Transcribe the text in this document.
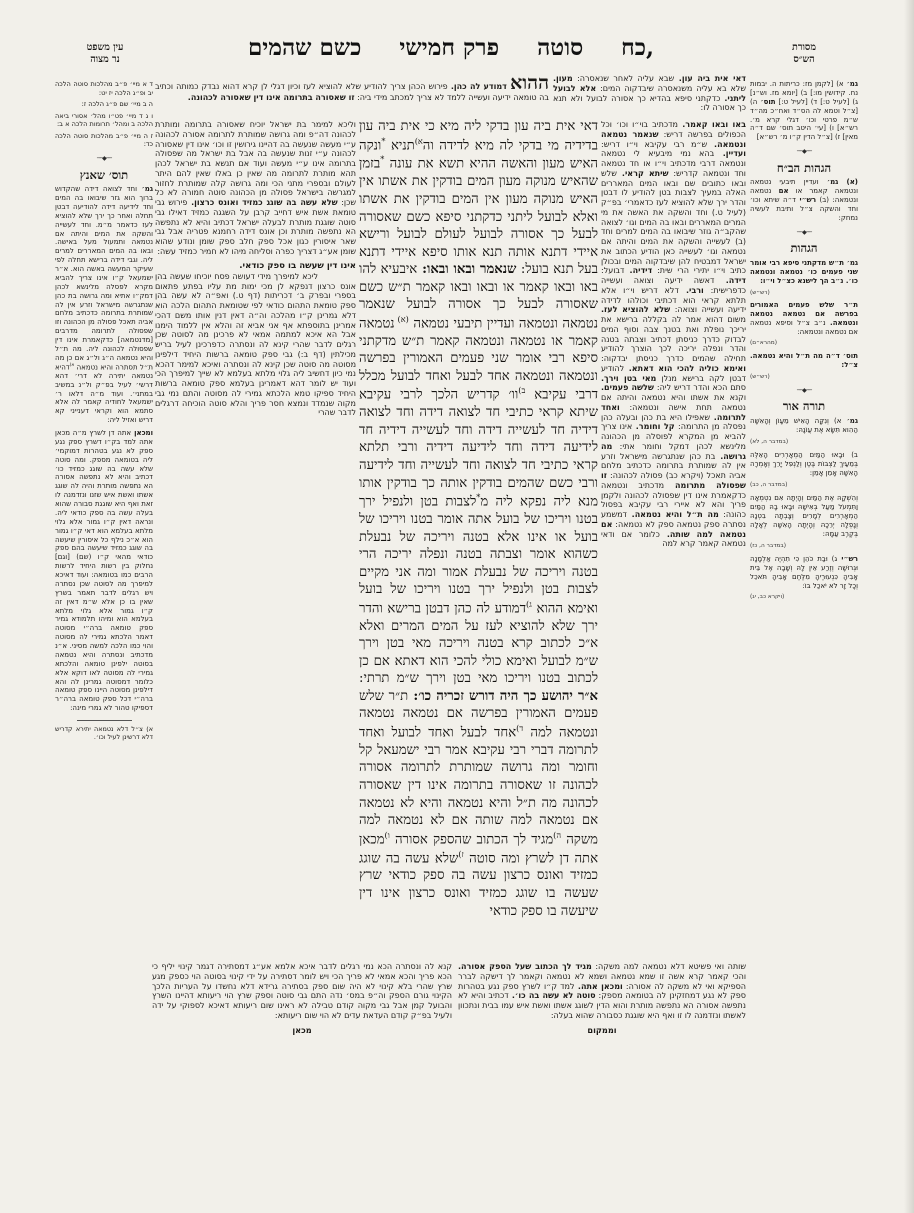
עין משפט
נר מצוה	כשם שהמים פרק חמישי סוטה כח,	מסורת
הש״ס
ד א מיי׳ פ״ב מהלכות סוטה הלכה יב ופ״ג הלכה יז יט:
ה ב מיי׳ שם פ״ג הלכה ז:
ו ג ד מיי׳ פט״ו מהל׳ אסורי ביאה הלכה ב ומהל׳ תרומות הלכה א ב:
ז ה מיי׳ פ״ב מהלכות סוטה הלכה כד:
──◆──
תוס׳ שאנץ

גמ׳ וחד לצואה דידה שהקדוש ברוך הוא גזר שיבואו בה המים וחד לידיעה דידה להודיעה דבטן תחלה ואחר כך ירך שלא להוציא לעז כדאמר מ״מ. וחד לעשייה והשקה את המים והיתה אם נטמאה ותמעול מעל באישה. ובאו בה המים המאררים למרים ליה. וגבי דידה ברישא תחלה לפי שעיקר המעשה באשה הוא. א״ר ישמעאל ק״ו אינו צריך להביא מקרא לפסלה מלינשא לכהן דמק״ו אתיא ומה גרושה בת כהן שנתגרשה מישראל וזרע אין לה שמותרת בתרומה כדכתיב מלחם אביה תאכל פסולה מן הכהונה וזו שפסולה לתרומה מדרבים [מדנטמאה] כדקאמרת אינו דין שפסולה לכהונה ליה. מה ת״ל והיא נטמאה ה״ג ול״ג אם כן מה ת״ל תסתרה והיא נטמאה $^{א)}$דהיא נטמאה יתירה לא דרי׳ דהא דרשי׳ לעיל בפ״ק ול״נ במשיב במתני׳. ועוד מ״ה דלאו ר׳ ישמעאל לחודיה קאמר לה אלא סתמא הוא וקראי דענייני קא דריש ואזיל ליה:

ומכאן אתה דן לשרץ מ״ה מכאן אתה למד בק״ו דשרץ ספק נגע ספק לא נגע בטהרות דמוקמי׳ ליה בטומאה מספק. ומה סוטה שלא עשה בה שוגג כמזיד כו׳ דכתיב והיא לא נתפשה אסורה הא נתפשה מותרת והיה לה שוגג אשתו ואשת איש שזנו ונזדמנה לו זאת ואף היא שוגגת סבורה שהוא בעלה עשה בה ספק כודאי ליה. ונראה דאין ק״ו גמור אלא גלוי מלתא בעלמא הוא דאי ק״ו גמור הוא א״כ נילף כל איסורין שיעשה בה שוגג כמזיד שיעשה בהם ספק כודאי מהאי ק״ו (שם) [וגם] נחלוק בין רשות היחיד לרשות הרבים כמו בטומאה: ועוד דאיכא למיפרך מה לסוטה שכן נסתרה ויש רגלים לדבר תאמר בשרץ שאין בו כן אלא ש״מ דאין זה ק״ו גמור אלא גלוי מלתא בעלמא הוא ומיהו תלמודא גמיר ספק טומאה ברה״י מסוטה דאמר הלכתא גמירי לה מסוטה והוי כמו הלכה למשה מסיני. א״נ מדכתיב ונסתרה והיא נטמאה בסוטה ילפינן טומאה והלכתא גמירי לה מסוטה לאו דוקא אלא כלומר דמסוטה גמרינן לה והא דילפינן מסוטה היינו ספק טומאה ברה״י דכל ספק טומאה ברה״ר דספיקו טהור לא גמרי מינה:

א) צ״ל דלא נטמאה יתירא קדריש דלא דרשינן לעיל וכו׳.

גמ׳ א) [לקמן מז: כריתות ה. יבמות נח. קידושין מו:] ב) [יומא מז. וש״נ] ג) [לעיל ט:] ד) [לעיל ט:] תוס׳ ה) [צ״ל וטמא לה הס״ד ואח״כ מה״ד ש״מ פרטי וכו׳ דגלי קרא מ׳. רש״א] ו) [עי׳ היטב תוס׳ שם ד״ה מאין] ז) [צ״ל הדין ק״ו מ׳ רש״א]

──◆──
הגהות הב״ח

(א) גמ׳ ועדיין תיבעי נטמאה ונטמאה קאמר או אם נטמאה ונטמאה: (ב) רש״י ד״ה שיתא וכו׳ וחד והשקה צ״ל ותיבת לעשיה נמחק:

──◆──
הגהות

גמ׳ ת״ש מדקתני סיפא רבי אומר שני פעמים כו׳ נטמאה ונטמאה כו׳. נ״ב הך לישנא כצ״ל וי״ו:

(רש״ש)

ת״ר שלש פעמים האמורים בפרשה אם נטמאה נטמאה ונטמאה. נ״ב צ״ל וסיפא נטמאה אם נטמאה ונטמאה:

(מהרא״ם)

תוס׳ ד״ה מה ת״ל והיא נטמאה. צ״ל:

(רש״ש)
──◆──
תורה אור

גמ׳ א) וְנִקָּה הָאִישׁ מֵעָוֹן וְהָאִשָּׁה הַהִוא תִּשָּׂא אֶת עֲוֹנָהּ:

(במדבר ה, לא)

ב) וּבָאוּ הַמַּיִם הַמְאָרְרִים הָאֵלֶּה בְּמֵעַיִךְ לַצְבּוֹת בֶּטֶן וְלַנְפִּל יָרֵךְ וְאָמְרָה הָאִשָּׁה אָמֵן אָמֵן:

(במדבר ה, כב)

וְהִשְׁקָהּ אֶת הַמַּיִם וְהָיְתָה אִם נִטְמְאָה וַתִּמְעֹל מַעַל בְּאִישָׁהּ וּבָאוּ בָהּ הַמַּיִם הַמְאָרְרִים לְמָרִים וְצָבְתָה בִטְנָהּ וְנָפְלָה יְרֵכָהּ וְהָיְתָה הָאִשָּׁה לְאָלָה בְּקֶרֶב עַמָּהּ:

(במדבר ה, כז)

רש״י ג) וּבַת כֹּהֵן כִּי תִהְיֶה אַלְמָנָה וּגְרוּשָׁה וְזֶרַע אֵין לָהּ וְשָׁבָה אֶל בֵּית אָבִיהָ כִּנְעוּרֶיהָ מִלֶּחֶם אָבִיהָ תֹּאכֵל וְכָל זָר לֹא יֹאכַל בּוֹ:

(ויקרא כב, יג)
ההוא דמודע לה כהן. פירוש הכהן צריך להודיע שלא להוציא לעז וכיון דגלי לן קרא דהוא נבדק כמותה וכתיב בה טומאה ידיעה ועשייה ללמד לא צריך למכתב מידי ביה: זו שאסורה בתרומה אינו דין שאסורה לכהונה.
דאי אית ביה עון. שבא עליה לאחר שנאסרה: מעון. שלא בא עליה משנאסרה שיבדקוה המים: אלא לבועל ליתני. כדקתני סיפא בהדיא כך אסורה לבועל ולא תנא כך אסורה לו:

וליכא למימר בת ישראל יוכיח שאסורה בתרומה ומותרת לכהונה דה״פ ומה גרושה שמותרת לתרומה אסורה לכהונה ע״י מעשה שנעשה בה דהיינו גירושין זו וכו׳ אינו דין שאסורה לכהונה ע״י זנות שנעשה בה אבל בת ישראל מה שפסולה בתרומה אינו ע״י מעשה ועוד אם תנשא בת ישראל לכהן תהא מותרת לתרומה מה שאין כן באלו שאין להם היתר לעולם ובספרי מתני הכי ומה גרושה קלה שמותרת לחזור למגרשה בישראל פסולה מן הכהונה סוטה חמורה לא כל שכן: שלא עשה בה שוגג כמזיד ואונס כרצון. פירוש גבי טומאת אשת איש דחייב קרבן על השגגה כמזיד דאילו גבי סוטה שוגגת מותרת לבעלה ישראל דכתיב והיא לא נתפשה הא נתפשה מותרת וכן אונס דידה רחמנא פטריה אבל גבי שאר איסורין כגון אכל ספק חלב ספק שומן ונודע שהוא שומן אע״ג דצריך כפרה וסליחה מיהו לא חמיר כמזיד עשה:

אינו דין שעשה בו ספק כודאי.

ליכא למיפרך מידי דעושה פסח יוכיחו שעשה בהן אונס כרצון דנפקא לן מכי ימות מת עליו בפתע פתאום בספרי ובפרק ב׳ דכריתות (דף ט.) ואפ״ה לא עשה בהן ספק טומאת התהום כודאי לפי שטומאת התהום הלכה הוא דלא גמרינן ק״ו מהלכה וה״ה דאין דנין אותו משם דהכי אמרינן בתוספתא אף אני אביא זה והלא אין ללמוד הימנו אבל הא איכא למתמה אמאי לא פרכינן מה לסוטה שכן רגלים לדבר שהרי קינא לה ונסתרה כדפרכינן לעיל בריש מכילתין (דף ב:) גבי ספק טומאה ברשות היחיד דילפינן מסוטה מה סוטה שכן קינא לה ונסתרה ואיכא למימר דהכא נמי כיון דחשיב ליה גלוי מלתא בעלמא לא שייך למיפרך הכי ועוד יש לומר דהא דאמרינן בעלמא ספק טומאה ברשות היחיד ספיקו טמא הלכתא גמירי לה מסוטה והתם נמי גבי מקוה שנמדד ונמצא חסר פריך והלא סוטה הוכיחה דרגלים לדבר שהרי

דאי אית ביה עון בדקי ליה מיא כי אית ביה עון בדידיה מי בדקי לה מיא לדידה וה$^{א)}$תניא *ונקה האיש מעון והאשה ההיא תשא את עונה *בזמן שהאיש מנוקה מעון המים בודקין את אשתו אין האיש מנוקה מעון אין המים בודקין את אשתו ואלא לבועל ליתני כדקתני סיפא כשם שאסורה לבעל כך אסורה לבועל לעולם לבועל ורישא איידי דתנא אותה תנא אותו סיפא איידי דתנא בעל תנא בועל: שנאמר ובאו ובאו: איבעיא להו באו ובאו קאמר או ובאו ובאו קאמר ת״ש כשם שאסורה לבעל כך אסורה לבועל שנאמר נטמאה ונטמאה ועדיין תיבעי נטמאה $^{(א)}$ נטמאה קאמר או נטמאה ונטמאה קאמר ת״ש מדקתני סיפא רבי אומר שני פעמים האמורין בפרשה ונטמאה ונטמאה אחד לבעל ואחד לבועל מכלל דרבי עקיבא $^{ב)}$וו׳ קדריש הלכך לרבי עקיבא שיתא קראי כתיבי חד לצואה דידה וחד לצואה דידיה חד לעשייה דידה וחד לעשייה דידיה חד לידיעה דידה וחד לידיעה דידיה ורבי תלתא קראי כתיבי חד לצואה וחד לעשייה וחד לידיעה ורבי כשם שהמים בודקין אותה כך בודקין אותו מנא ליה נפקא ליה מ*לצבות בטן ולנפיל ירך בטנו ויריכו של בועל אתה אומר בטנו ויריכו של בועל או אינו אלא בטנה ויריכה של נבעלת כשהוא אומר וצבתה בטנה ונפלה יריכה הרי בטנה ויריכה של נבעלת אמור ומה אני מקיים לצבות בטן ולנפיל ירך בטנו ויריכו של בועל ואימא ההוא $^{ג)}$דמודע לה כהן דבטן ברישא והדר ירך שלא להוציא לעז על המים המרים ואלא א״כ לכתוב קרא בטנה ויריכה מאי בטן וירך ש״מ לבועל ואימא כולי להכי הוא דאתא אם כן לכתוב בטנו ויריכו מאי בטן וירך ש״מ תרתי: א״ר יהושע כך היה דורש זכריה כו׳: ת״ר שלש פעמים האמורין בפרשה אם נטמאה נטמאה ונטמאה למה $^{ד)}$אחד לבעל ואחד לבועל ואחד לתרומה דברי רבי עקיבא אמר רבי ישמעאל קל וחומר ומה גרושה שמותרת לתרומה אסורה לכהונה זו שאסורה בתרומה אינו דין שאסורה לכהונה מה ת״ל והיא נטמאה והיא לא נטמאה אם נטמאה למה שותה אם לא נטמאה למה משקה $^{ה)}$מגיד לך הכתוב שהספק אסורה $^{ו)}$מכאן אתה דן לשרץ ומה סוטה $^{ז)}$שלא עשה בה שוגג כמזיד ואונס כרצון עשה בה ספק כודאי שרץ שעשה בו שוגג כמזיד ואונס כרצון אינו דין שיעשה בו ספק כודאי
באו ובאו קאמר. מדכתיב בוי״ו וכו׳ וכל הכפולים בפרשה דריש: שנאמר נטמאה ונטמאה. ש״מ רבי עקיבא וי״ו דריש: ועדיין. בהא נמי מיבעיא לי נטמאה ונטמאה דרבי מדכתיב וי״ו או חד נטמאה וחד ונטמאה קדריש: שיתא קראי. שלש ובאו כתובים שם ובאו המים המאררים האלה במעיך לצבות בטן להודיע לו דבטן והדר ירך שלא להוציא לעז כדאמרי׳ בפ״ק (לעיל ט.) וחד והשקה את האשה את מי המרים המאררים ובאו בה המים וגו׳ לצואה שהקב״ה גוזר שיבואו בה המים למרים וחד (ב) לעשייה והשקה את המים והיתה אם נטמאה וגו׳ לעשייה כאן הודיע הכתוב את ישראל דמבטיח להן שיבדקוה המים ובכולן כתיב וי״ו יתירי הרי שית: דידיה. דבועל: דידה. דאשה ידיעה וצואה ועשייה כדפרישית: ורבי. דלא דריש וי״ו אלא תלתא קראי הוא דכתיבי וכולהו לדידה ידיעה ועשייה וצואה: שלא להוציא לעז. משום דהוא אמר לה בקללה ברישא את יריכך נופלת ואת בטנך צבה וסוף המים לבדוק כדרך כניסתן דכתיב וצבתה בטנה והדר ונפלה יריכה לכך הוצרך להודיע תחילה שהמים כדרך כניסתן יבדקוה: ואימא כוליה להכי הוא דאתא. להודיע דבטן לקה ברישא מנלן מאי בטן וירך. סתם הכא והדר דריש ליה: שלשה פעמים. וקנא את אשתו והיא נטמאה והיתה אם נטמאה תחת אישה ונטמאה: ואחד לתרומה. שאפילו היא בת כהן ובעלה כהן נפסלה מן התרומה: קל וחומר. אינו צריך להביא מן המקרא לפוסלה מן הכהונה מלינשא לכהן דמקל וחומר אתי: מה גרושה. בת כהן שנתגרשה מישראל וזרע אין לה שמותרת בתרומה כדכתיב מלחם אביה תאכל (ויקרא כב) פסולה לכהונה: זו שפסולה מתרומה מדכתיב ונטמאה כדקאמרת אינו דין שפסולה לכהונה ולקמן פריך והא לא איירי רבי עקיבא בפסול כהונה: מה ת״ל והיא נטמאה. דמשמע נסתרה ספק נטמאה ספק לא נטמאה: אם נטמאה למה שותה. כלומר אם ודאי נטמאה קאמר קרא למה

קנא לה ונסתרה הכא נמי רגלים לדבר איכא אלמא אע״ג דמסתירה דגמר קינוי יליף כי הכא פריך והכא אמאי לא פריך הכי ויש לומר דסתירה על ידי קינוי בסוטה הוי כספק מגע שרץ שהרי בלא קינוי לא היה שום ספק בסתירה גרידא דלא נחשדו על העריות הלכך הקינוי גורם הספק וה״פ במס׳ נדה התם גבי סוטה וספק שרץ הוי ריעותא דהיינו השרץ והבועל קמן אבל גבי מקוה קודם טבילה לא ראינו שום ריעותא דאיכא לספוקי על ידה ולעיל בפ״ק קודם העדאת עדים לא הוי שום ריעותא:

מכאן

שותה ואי פשיטא דלא נטמאה למה משקה: מגיד לך הכתוב שעל הספק אסורה. והכי קאמר קרא אשה זו שמא נטמאה ושמא לא נטמאה וקאמר לך דישקה לברר הספיקא ואי לא משקה לה אסורה: ומכאן אתה. למד ק״ו לשרץ ספק נגע בטהרות ספק לא נגע דמחזקינן לה בטומאה מספק: סוטה לא עשה בה כו׳. דכתיב והיא לא נתפשה אסורה הא נתפשה מותרת והוא הדין לשוגג אשתו ואשת איש עמו בבית ונתכוון לאשתו ונזדמנה לו זו ואף היא שוגגת כסבורה שהוא בעלה:

וממקום
